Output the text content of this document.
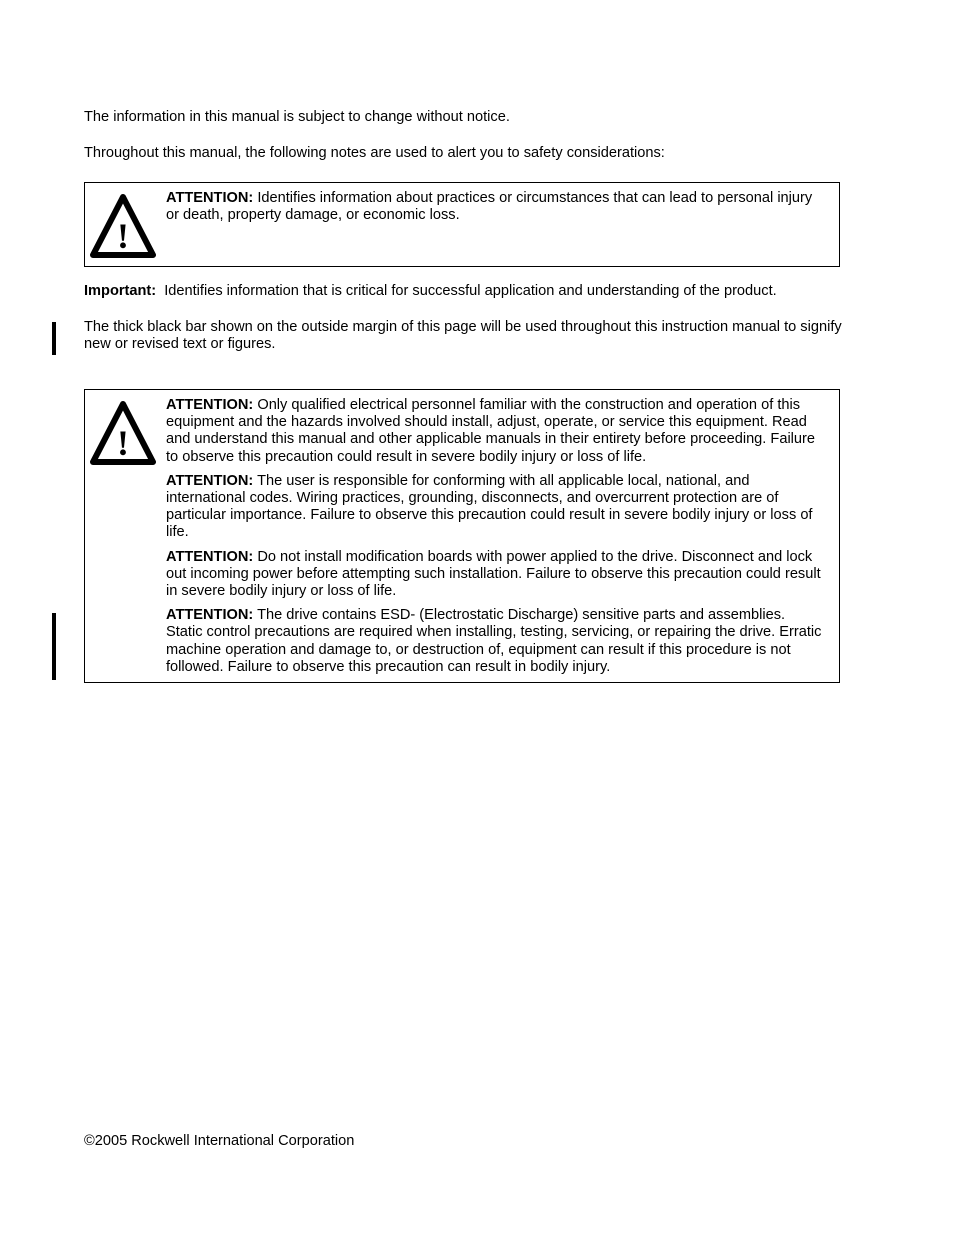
The information in this manual is subject to change without notice.

Throughout this manual, the following notes are used to alert you to safety considerations:

!

ATTENTION: Identifies information about practices or circumstances that can lead to personal injury or death, property damage, or economic loss.

Important: Identifies information that is critical for successful application and understanding of the product.

The thick black bar shown on the outside margin of this page will be used throughout this instruction manual to signify new or revised text or figures.

!

ATTENTION: Only qualified electrical personnel familiar with the construction and operation of this equipment and the hazards involved should install, adjust, operate, or service this equipment. Read and understand this manual and other applicable manuals in their entirety before proceeding. Failure to observe this precaution could result in severe bodily injury or loss of life.

ATTENTION: The user is responsible for conforming with all applicable local, national, and international codes. Wiring practices, grounding, disconnects, and overcurrent protection are of particular importance. Failure to observe this precaution could result in severe bodily injury or loss of life.

ATTENTION: Do not install modification boards with power applied to the drive. Disconnect and lock out incoming power before attempting such installation. Failure to observe this precaution could result in severe bodily injury or loss of life.

ATTENTION: The drive contains ESD- (Electrostatic Discharge) sensitive parts and assemblies. Static control precautions are required when installing, testing, servicing, or repairing the drive. Erratic machine operation and damage to, or destruction of, equipment can result if this procedure is not followed. Failure to observe this precaution can result in bodily injury.

©2005 Rockwell International Corporation
